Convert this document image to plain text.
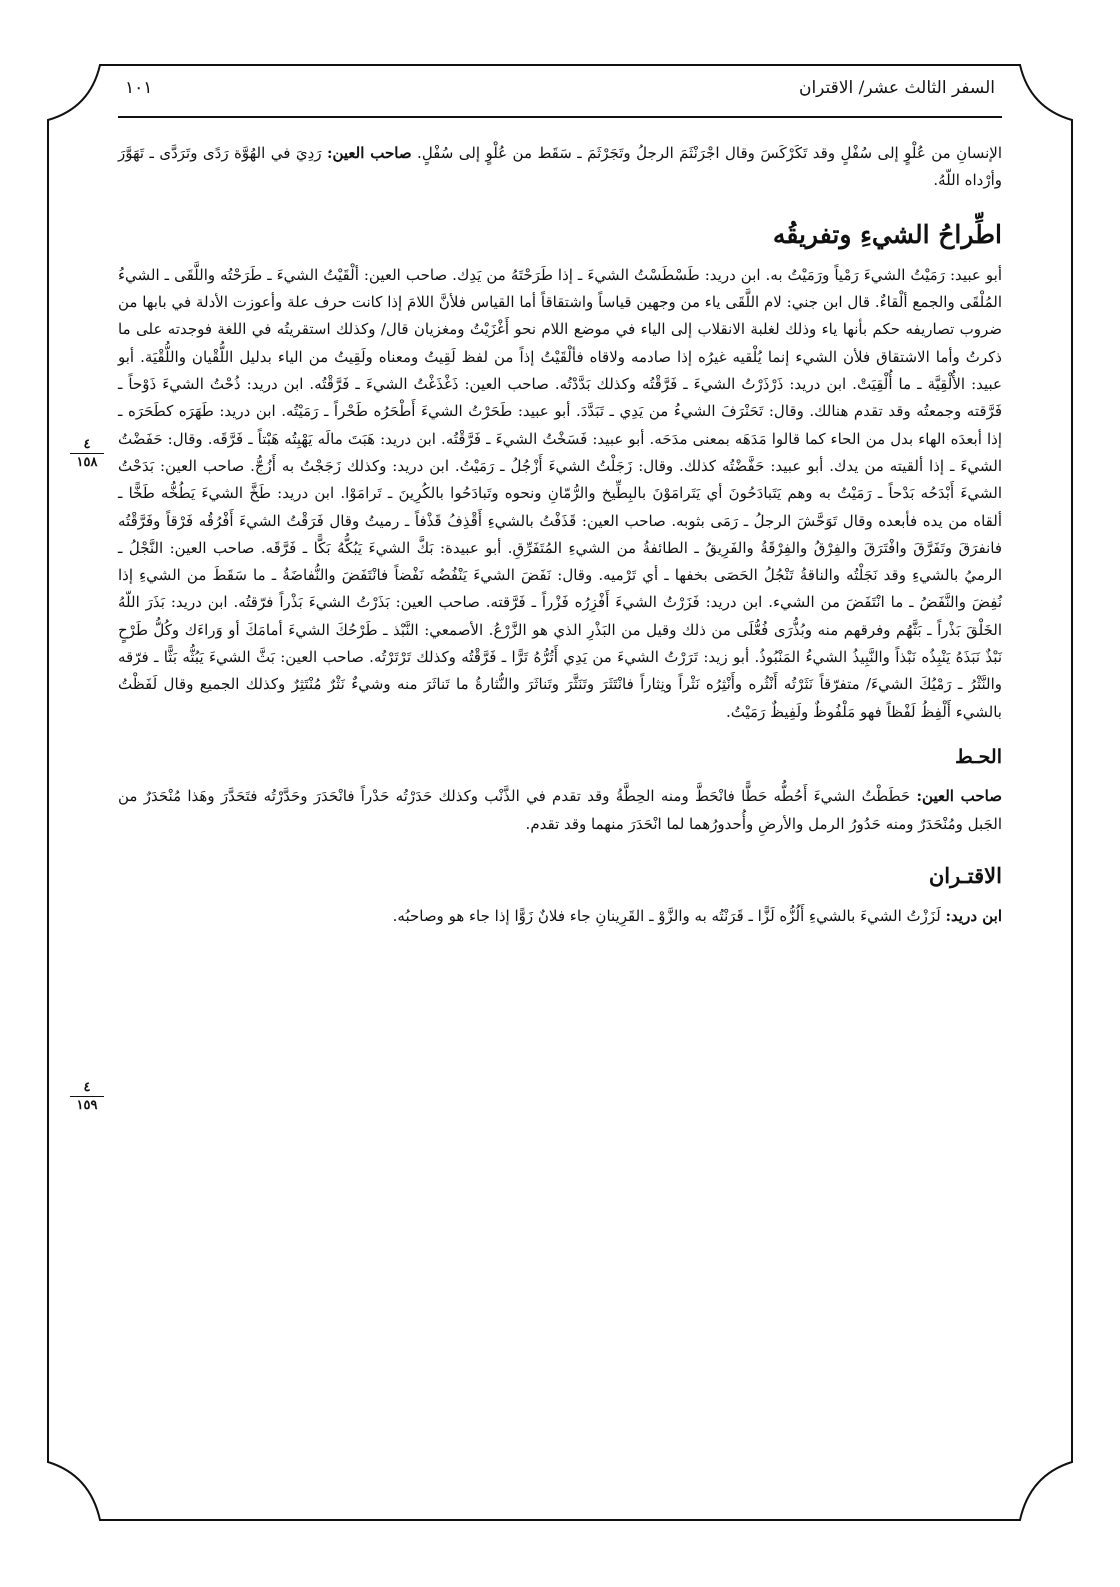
السفر الثالث عشر/ الاقتران
١٠١
٤
١٥٨
٤
١٥٩

الإنسانِ من عُلْوٍ إلى سُفْلٍ وقد تَكَرْكَسَ وقال اجْرَنْثَمَ الرجلُ وتَجَرْثَمَ ـ سَقَط من عُلْوٍ إلى سُفْلٍ. صاحب العين: رَدِيَ في الهُوَّة رَدًى وتَرَدَّى ـ تَهَوَّرَ وأرْداه اللّهُ.

اطِّراحُ الشيءِ وتفريقُه

أبو عبيد: رَمَيْتُ الشيءَ رَمْياً ورَمَيْتُ به. ابن دريد: طَسْطَسْتُ الشيءَ ـ إذا طَرَحْتَهُ من يَدِك. صاحب العين: ألْقَيْتُ الشيءَ ـ طَرَحْتُه واللَّقَى ـ الشيءُ المُلْقَى والجمع ألْقاءٌ. قال ابن جني: لام اللَّقَى ياء من وجهين قياساً واشتقاقاً أما القياس فلأنَّ اللامَ إذا كانت حرف علة وأعوزت الأدلة في بابها من ضروب تصاريفه حكم بأنها ياء وذلك لغلبة الانقلاب إلى الياء في موضع اللام نحو أَغْزَيْتُ ومغزيان قال/ وكذلك استقريتُه في اللغة فوجدته على ما ذكرتُ وأما الاشتقاق فلأن الشيء إنما يُلْقيه غيرُه إذا صادمه ولاقاه فألْقَيْتُ إذاً من لفظ لَقِيتُ ومعناه ولَقِيتُ من الياء بدليل اللُّقْيان واللُّقْيَة. أبو عبيد: الأُلْقِيَّة ـ ما أُلْقِيَتْ. ابن دريد: ذَرْذَرْتُ الشيءَ ـ فَرَّقْتُه وكذلك بَدَّدْتُه. صاحب العين: ذَغْذَغْتُ الشيءَ ـ فَرَّقْتُه. ابن دريد: ذُحْتُ الشيءَ ذَوْحاً ـ فَرَّقته وجمعتُه وقد تقدم هنالك. وقال: تَحَنْرَفَ الشيءُ من يَدِي ـ تَبَدَّدَ. أبو عبيد: طَحَرْتُ الشيءَ أَطْحَرُه طَحْراً ـ رَمَيْتُه. ابن دريد: طَهَرَه كطَحَرَه ـ إذا أبعدَه الهاء بدل من الحاء كما قالوا مَدَهَه بمعنى مدَحَه. أبو عبيد: فَسَخْتُ الشيءَ ـ فَرَّقْتُه. ابن دريد: هَبَتَ مالَه يَهْبِتُه هَبْتاً ـ فَرَّقَه. وقال: حَفَضْتُ الشيءَ ـ إذا ألقيته من يدك. أبو عبيد: حَفَّضْتُه كذلك. وقال: زَجَلْتُ الشيءَ أَزْجُلُ ـ رَمَيْتُ. ابن دريد: وكذلك زَجَجْتُ به أَزُجُّ. صاحب العين: بَدَحْتُ الشيءَ أَبْدَحُه بَدْحاً ـ رَمَيْتُ به وهم يَتَبادَحُونَ أي يَتَرامَوْنَ بالبِطِّيخ والرُّمّانِ ونحوه وتَبادَحُوا بالكُرِينَ ـ تَرامَوْا. ابن دريد: طَخَّ الشيءَ يَطُخُّه طَخًّا ـ ألقاه من يده فأبعده وقال تَوَحَّشَ الرجلُ ـ رَمَى بثوبه. صاحب العين: قَذَفْتُ بالشيءِ أَقْذِفُ قَذْفاً ـ رميتُ وقال فَرَقْتُ الشيءَ أَفْرُقُه فَرْقاً وفَرَّقْتُه فانفرَقَ وتَفَرَّقَ وافْتَرَقَ والفِرْقُ والفِرْقَةُ والفَرِيقُ ـ الطائفةُ من الشيءِ المُتَفَرِّقِ. أبو عبيدة: بَكَّ الشيءَ يَبُكُّهُ بَكًّا ـ فَرَّقَه. صاحب العين: النَّجْلُ ـ الرميُ بالشيءِ وقد نَجَلْتُه والناقةُ تَنْجُلُ الحَصَى بخفها ـ أي تَرْميه. وقال: نَفَضَ الشيءَ يَنْفُضُه نَفْضاً فانْتَفَضَ والنُّفاضَةُ ـ ما سَقَطَ من الشيءِ إذا نُفِضَ والنَّفَضُ ـ ما انْتَفَضَ من الشيء. ابن دريد: فَزَرْتُ الشيءَ أَفْزِرُه فَزْراً ـ فَرَّقته. صاحب العين: بَذَرْتُ الشيءَ بَذْراً فرّقتُه. ابن دريد: بَذَرَ اللّهُ الخَلْقَ بَذْراً ـ بَثَّهُم وفرقهم منه وبُذُّرَى فُعُّلَى من ذلك وقيل من البَذْرِ الذي هو الزَّرْعُ. الأصمعي: النَّبْذ ـ طَرْحُكَ الشيءَ أمامَكَ أو وَراءَك وكُلُّ طَرْحٍ نَبْذٌ نَبَذَهُ يَنْبِذُه نَبْذاً والنَّبِيذُ الشيءُ المَنْبُوذُ. أبو زيد: تَرَرْتُ الشيءَ من يَدِي أَتُرُّهُ تَرًّا ـ فَرَّقْتُه وكذلك تَرْتَرْتُه. صاحب العين: بَثَّ الشيءَ يَبُثُّه بَثًّا ـ فرّقه والنَّثْرُ ـ رَمْيُكَ الشيءَ/ متفرّقاً نَثَرْتُه أَنْثُره وأَنْثِرُه نَثْراً ونِثاراً فانْتَثَرَ وتَنَثَّرَ وتَناثَرَ والنُّثارةُ ما تَناثَرَ منه وشيءٌ نَثْرٌ مُنْتَثِرٌ وكذلك الجميع وقال لَفَظْتُ بالشيء أَلْفِظُ لَفْظاً فهو مَلْفُوظٌ ولَفِيظٌ رَمَيْتُ.

الحـط

صاحب العين: حَطَطْتُ الشيءَ أَحُطُّه حَطًّا فانْحَطَّ ومنه الحِطَّةُ وقد تقدم في الذَّنْب وكذلك حَدَرْتُه حَدْراً فانْحَدَرَ وحَدَّرْتُه فتَحَدَّرَ وهَذا مُنْحَدَرٌ من الجَبل ومُنْحَدَرٌ ومنه حَدُورُ الرمل والأرضِ وأُحدورُهما لما انْحَدَرَ منهما وقد تقدم.

الاقتـران

ابن دريد: لَزَزْتُ الشيءَ بالشيءِ أَلُزُّه لَزًّا ـ قَرَنْتُه به والزَّوْ ـ القَرِينانِ جاء فلانٌ زَوًّا إذا جاء هو وصاحبُه.
